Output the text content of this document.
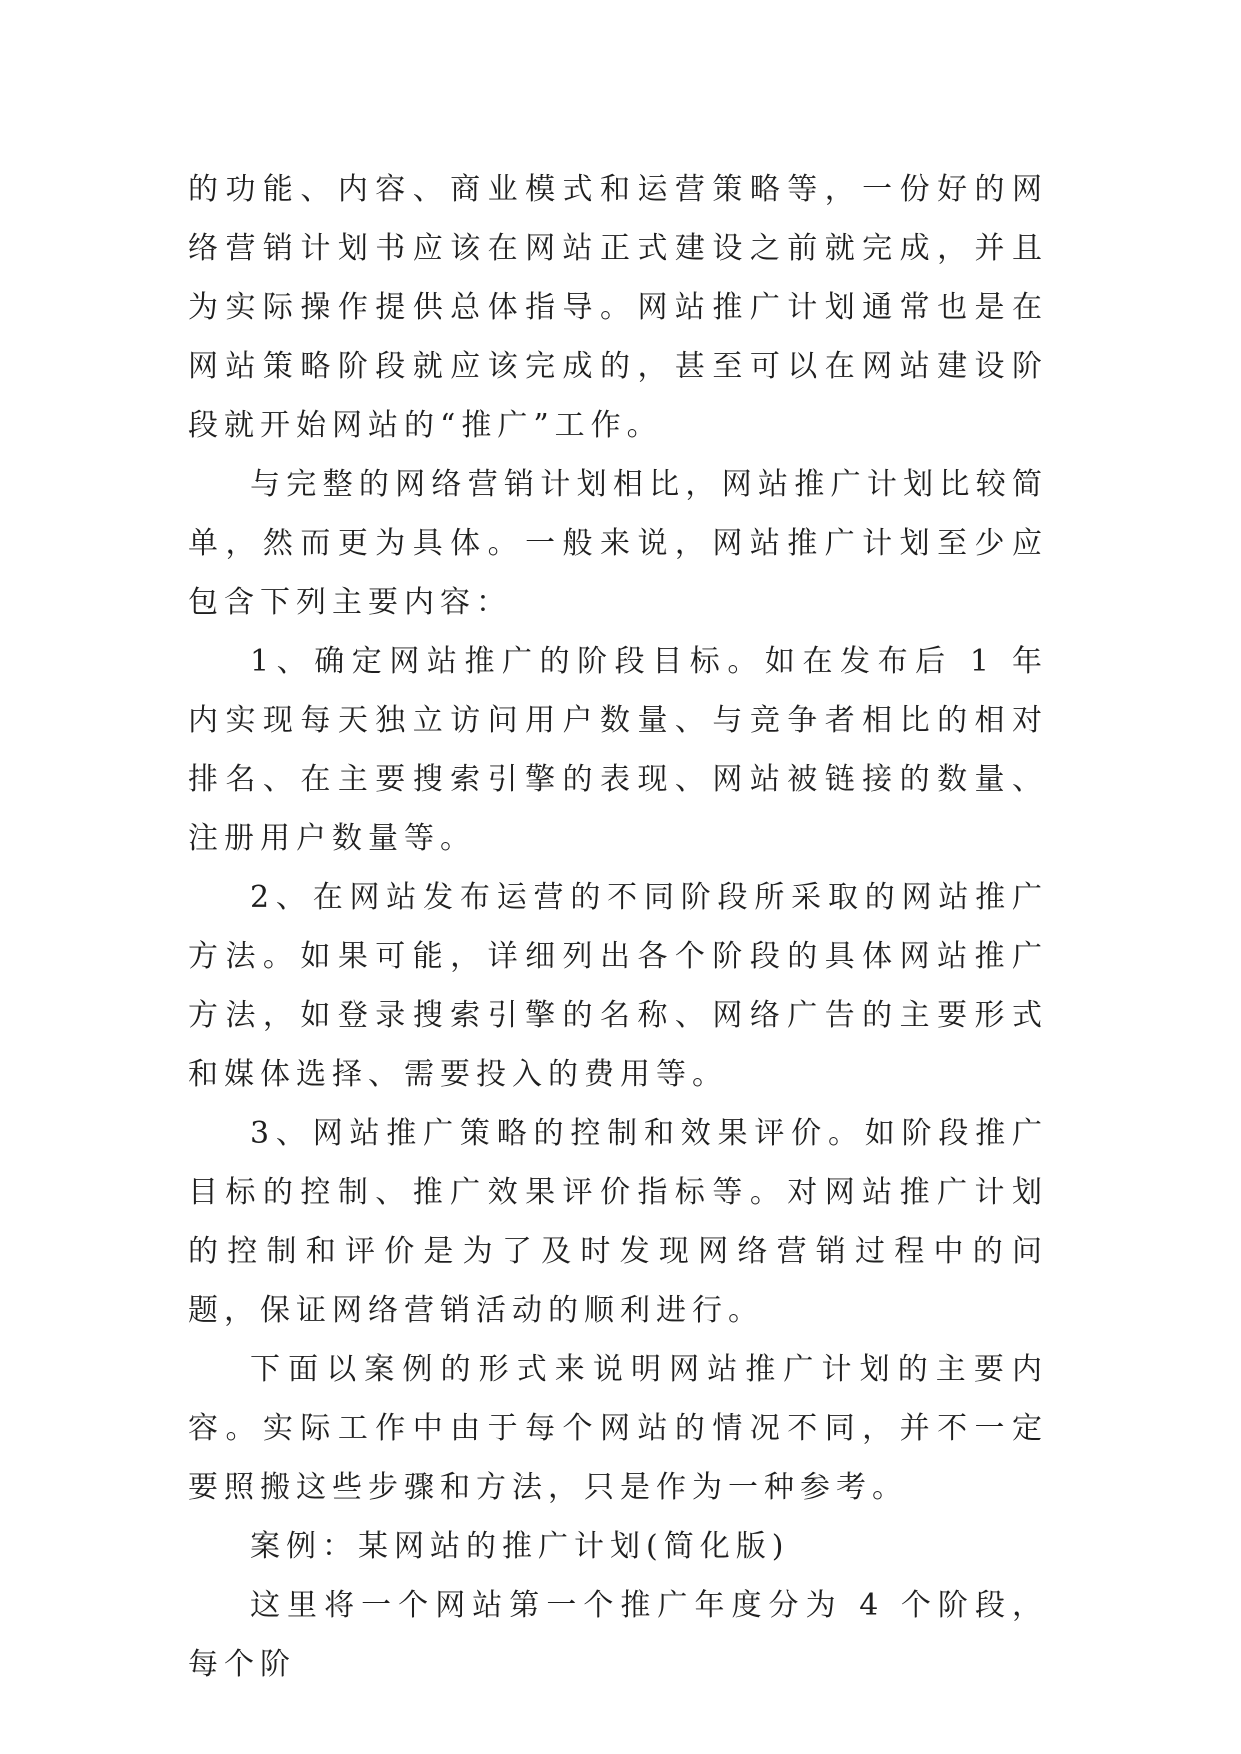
的功能、内容、商业模式和运营策略等，一份好的网络营销计划书应该在网站正式建设之前就完成，并且为实际操作提供总体指导。网站推广计划通常也是在网站策略阶段就应该完成的，甚至可以在网站建设阶段就开始网站的“推广”工作。

与完整的网络营销计划相比，网站推广计划比较简单，然而更为具体。一般来说，网站推广计划至少应包含下列主要内容：

1、确定网站推广的阶段目标。如在发布后 1 年内实现每天独立访问用户数量、与竞争者相比的相对排名、在主要搜索引擎的表现、网站被链接的数量、注册用户数量等。

2、在网站发布运营的不同阶段所采取的网站推广方法。如果可能，详细列出各个阶段的具体网站推广方法，如登录搜索引擎的名称、网络广告的主要形式和媒体选择、需要投入的费用等。

3、网站推广策略的控制和效果评价。如阶段推广目标的控制、推广效果评价指标等。对网站推广计划的控制和评价是为了及时发现网络营销过程中的问题，保证网络营销活动的顺利进行。

下面以案例的形式来说明网站推广计划的主要内容。实际工作中由于每个网站的情况不同，并不一定要照搬这些步骤和方法，只是作为一种参考。

案例：某网站的推广计划(简化版)

这里将一个网站第一个推广年度分为 4 个阶段，每个阶
